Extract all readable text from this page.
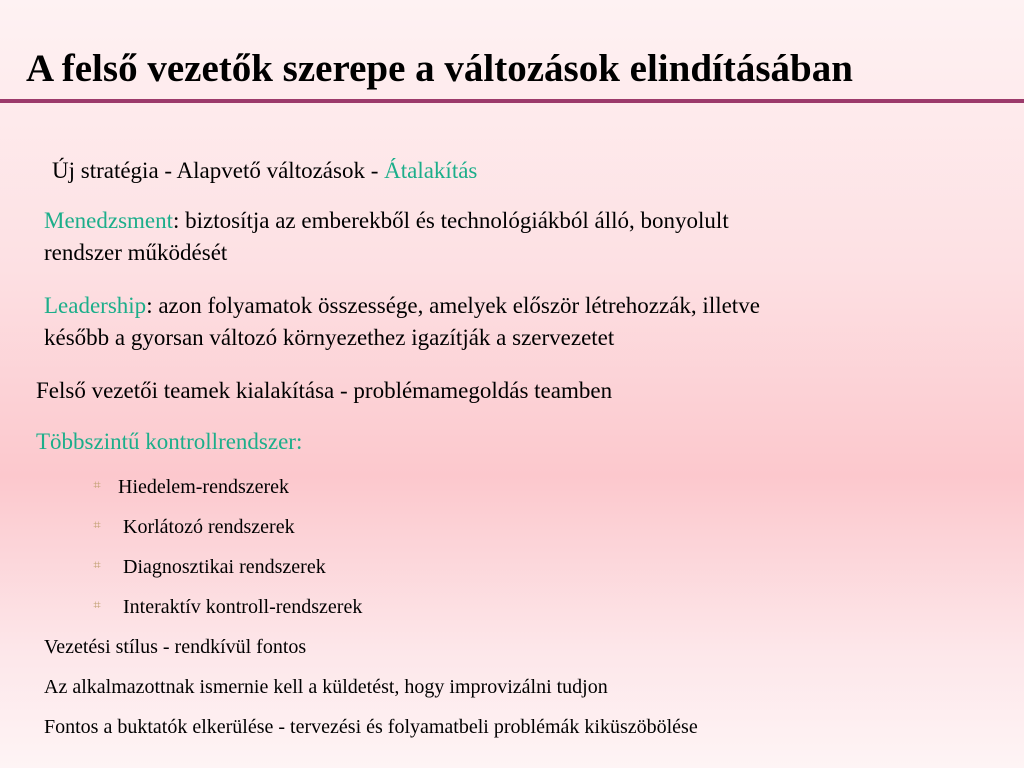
A felső vezetők szerepe a változások elindításában
Új stratégia - Alapvető változások - Átalakítás
Menedzsment: biztosítja az emberekből és technológiákból álló, bonyolult
rendszer működését
Leadership: azon folyamatok összessége, amelyek először létrehozzák, illetve
később a gyorsan változó környezethez igazítják a szervezetet
Felső vezetői teamek kialakítása - problémamegoldás teamben
Többszintű kontrollrendszer:
⌗ Hiedelem-rendszerek
⌗ Korlátozó rendszerek
⌗ Diagnosztikai rendszerek
⌗ Interaktív kontroll-rendszerek
Vezetési stílus - rendkívül fontos
Az alkalmazottnak ismernie kell a küldetést, hogy improvizálni tudjon
Fontos a buktatók elkerülése - tervezési és folyamatbeli problémák kiküszöbölése
